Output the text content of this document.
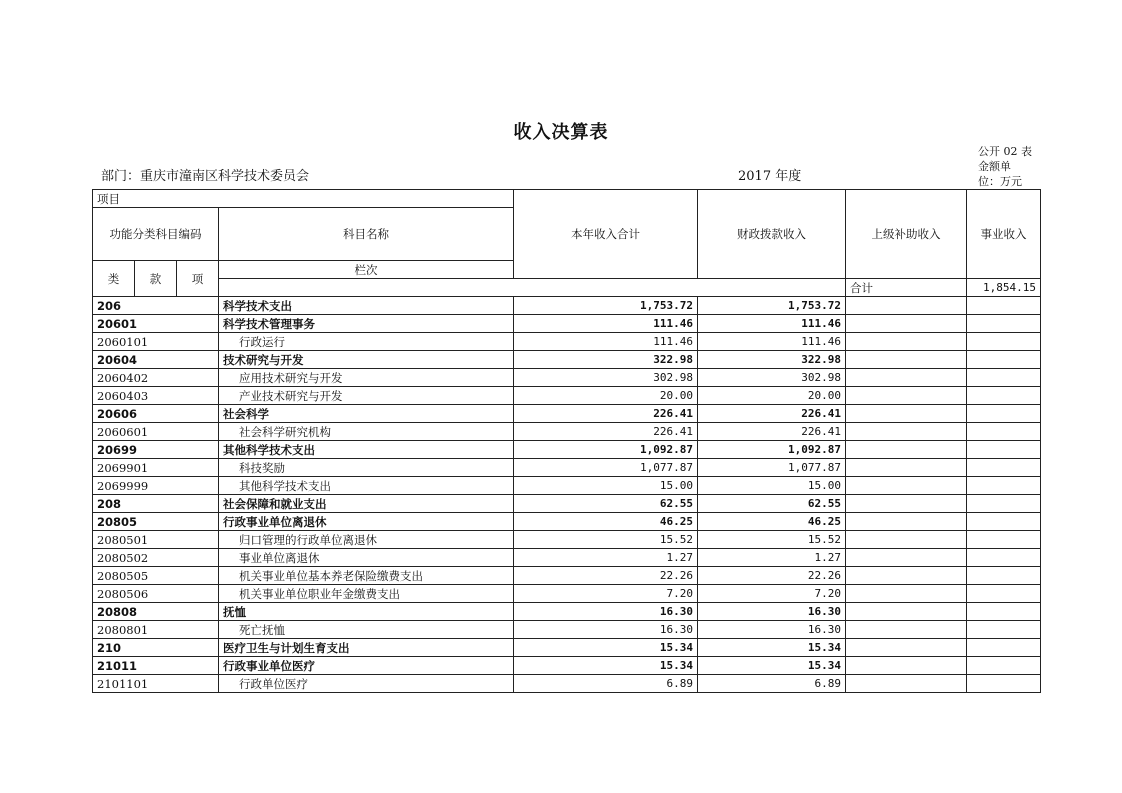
收入决算表
部门：重庆市潼南区科学技术委员会	2017 年度
公开 02 表
金额单
位：万元
项目				本年收入合计	财政拨款收入	上级补助收入	事业收入	
功能分类科目编码			科目名称					
类	款	项	栏次				
						合计	1,854.15			
206			科学技术支出	1,753.72	1,753.72			
20601			科学技术管理事务	111.46	111.46			
2060101			行政运行	111.46	111.46			
20604			技术研究与开发	322.98	322.98			
2060402			应用技术研究与开发	302.98	302.98			
2060403			产业技术研究与开发	20.00	20.00			
20606			社会科学	226.41	226.41			
2060601			社会科学研究机构	226.41	226.41			
20699			其他科学技术支出	1,092.87	1,092.87			
2069901			科技奖励	1,077.87	1,077.87			
2069999			其他科学技术支出	15.00	15.00			
208			社会保障和就业支出	62.55	62.55			
20805			行政事业单位离退休	46.25	46.25			
2080501			归口管理的行政单位离退休	15.52	15.52			
2080502			事业单位离退休	1.27	1.27			
2080505			机关事业单位基本养老保险缴费支出	22.26	22.26			
2080506			机关事业单位职业年金缴费支出	7.20	7.20			
20808			抚恤	16.30	16.30			
2080801			死亡抚恤	16.30	16.30			
210			医疗卫生与计划生育支出	15.34	15.34			
21011			行政事业单位医疗	15.34	15.34			
2101101			行政单位医疗	6.89	6.89			
